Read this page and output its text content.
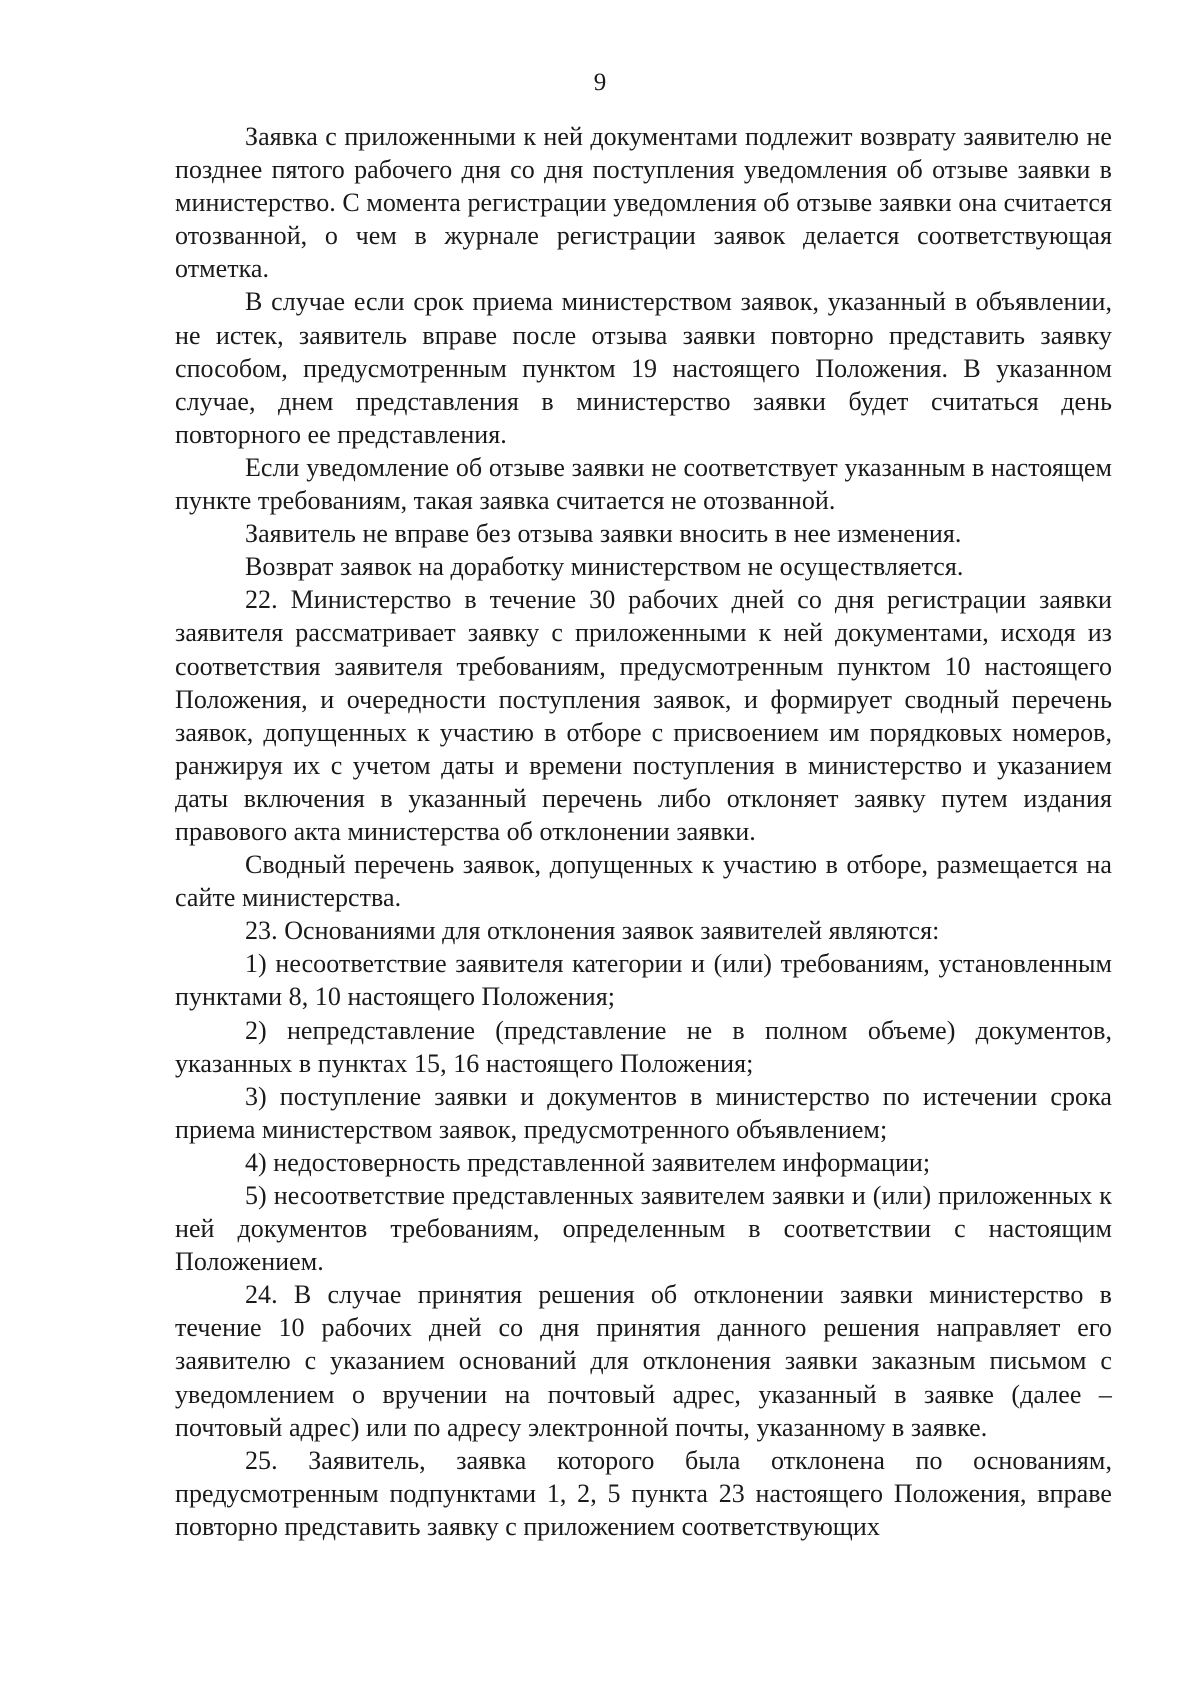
9

Заявка с приложенными к ней документами подлежит возврату заявителю не позднее пятого рабочего дня со дня поступления уведомления об отзыве заявки в министерство. С момента регистрации уведомления об отзыве заявки она считается отозванной, о чем в журнале регистрации заявок делается соответствующая отметка.

В случае если срок приема министерством заявок, указанный в объявлении, не истек, заявитель вправе после отзыва заявки повторно представить заявку способом, предусмотренным пунктом 19 настоящего Положения. В указанном случае, днем представления в министерство заявки будет считаться день повторного ее представления.

Если уведомление об отзыве заявки не соответствует указанным в настоящем пункте требованиям, такая заявка считается не отозванной.

Заявитель не вправе без отзыва заявки вносить в нее изменения.

Возврат заявок на доработку министерством не осуществляется.

22. Министерство в течение 30 рабочих дней со дня регистрации заявки заявителя рассматривает заявку с приложенными к ней документами, исходя из соответствия заявителя требованиям, предусмотренным пунктом 10 настоящего Положения, и очередности поступления заявок, и формирует сводный перечень заявок, допущенных к участию в отборе с присвоением им порядковых номеров, ранжируя их с учетом даты и времени поступления в министерство и указанием даты включения в указанный перечень либо отклоняет заявку путем издания правового акта министерства об отклонении заявки.

Сводный перечень заявок, допущенных к участию в отборе, размещается на сайте министерства.

23. Основаниями для отклонения заявок заявителей являются:

1) несоответствие заявителя категории и (или) требованиям, установленным пунктами 8, 10 настоящего Положения;

2) непредставление (представление не в полном объеме) документов, указанных в пунктах 15, 16 настоящего Положения;

3) поступление заявки и документов в министерство по истечении срока приема министерством заявок, предусмотренного объявлением;

4) недостоверность представленной заявителем информации;

5) несоответствие представленных заявителем заявки и (или) приложенных к ней документов требованиям, определенным в соответствии с настоящим Положением.

24. В случае принятия решения об отклонении заявки министерство в течение 10 рабочих дней со дня принятия данного решения направляет его заявителю с указанием оснований для отклонения заявки заказным письмом с уведомлением о вручении на почтовый адрес, указанный в заявке (далее – почтовый адрес) или по адресу электронной почты, указанному в заявке.

25. Заявитель, заявка которого была отклонена по основаниям, предусмотренным подпунктами 1, 2, 5 пункта 23 настоящего Положения, вправе повторно представить заявку с приложением соответствующих
